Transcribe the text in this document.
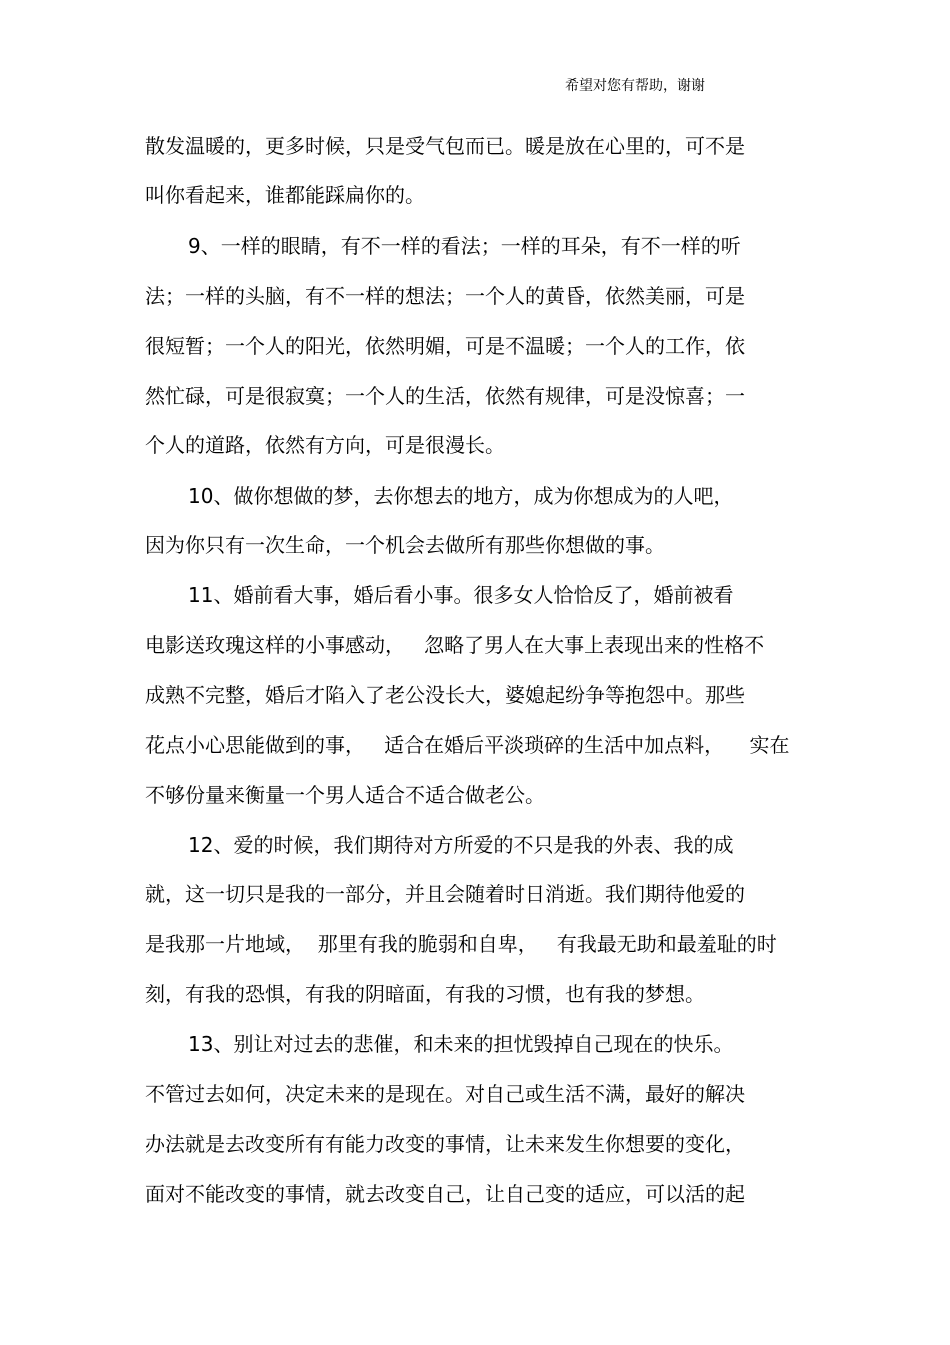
希望对您有帮助，谢谢
散发温暖的，更多时候，只是受气包而已。暖是放在心里的，可不是
叫你看起来，谁都能踩扁你的。
9、一样的眼睛，有不一样的看法；一样的耳朵，有不一样的听
法；一样的头脑，有不一样的想法；一个人的黄昏，依然美丽，可是
很短暂；一个人的阳光，依然明媚，可是不温暖；一个人的工作，依
然忙碌，可是很寂寞；一个人的生活，依然有规律，可是没惊喜；一
个人的道路，依然有方向，可是很漫长。
10、做你想做的梦，去你想去的地方，成为你想成为的人吧，
因为你只有一次生命，一个机会去做所有那些你想做的事。
11、婚前看大事，婚后看小事。很多女人恰恰反了，婚前被看
电影送玫瑰这样的小事感动，   忽略了男人在大事上表现出来的性格不
成熟不完整，婚后才陷入了老公没长大，婆媳起纷争等抱怨中。那些
花点小心思能做到的事，   适合在婚后平淡琐碎的生活中加点料，    实在
不够份量来衡量一个男人适合不适合做老公。
12、爱的时候，我们期待对方所爱的不只是我的外表、我的成
就，这一切只是我的一部分，并且会随着时日消逝。我们期待他爱的
是我那一片地域，  那里有我的脆弱和自卑，   有我最无助和最羞耻的时
刻，有我的恐惧，有我的阴暗面，有我的习惯，也有我的梦想。
13、别让对过去的悲催，和未来的担忧毁掉自己现在的快乐。
不管过去如何，决定未来的是现在。对自己或生活不满，最好的解决
办法就是去改变所有有能力改变的事情，让未来发生你想要的变化，
面对不能改变的事情，就去改变自己，让自己变的适应，可以活的起
